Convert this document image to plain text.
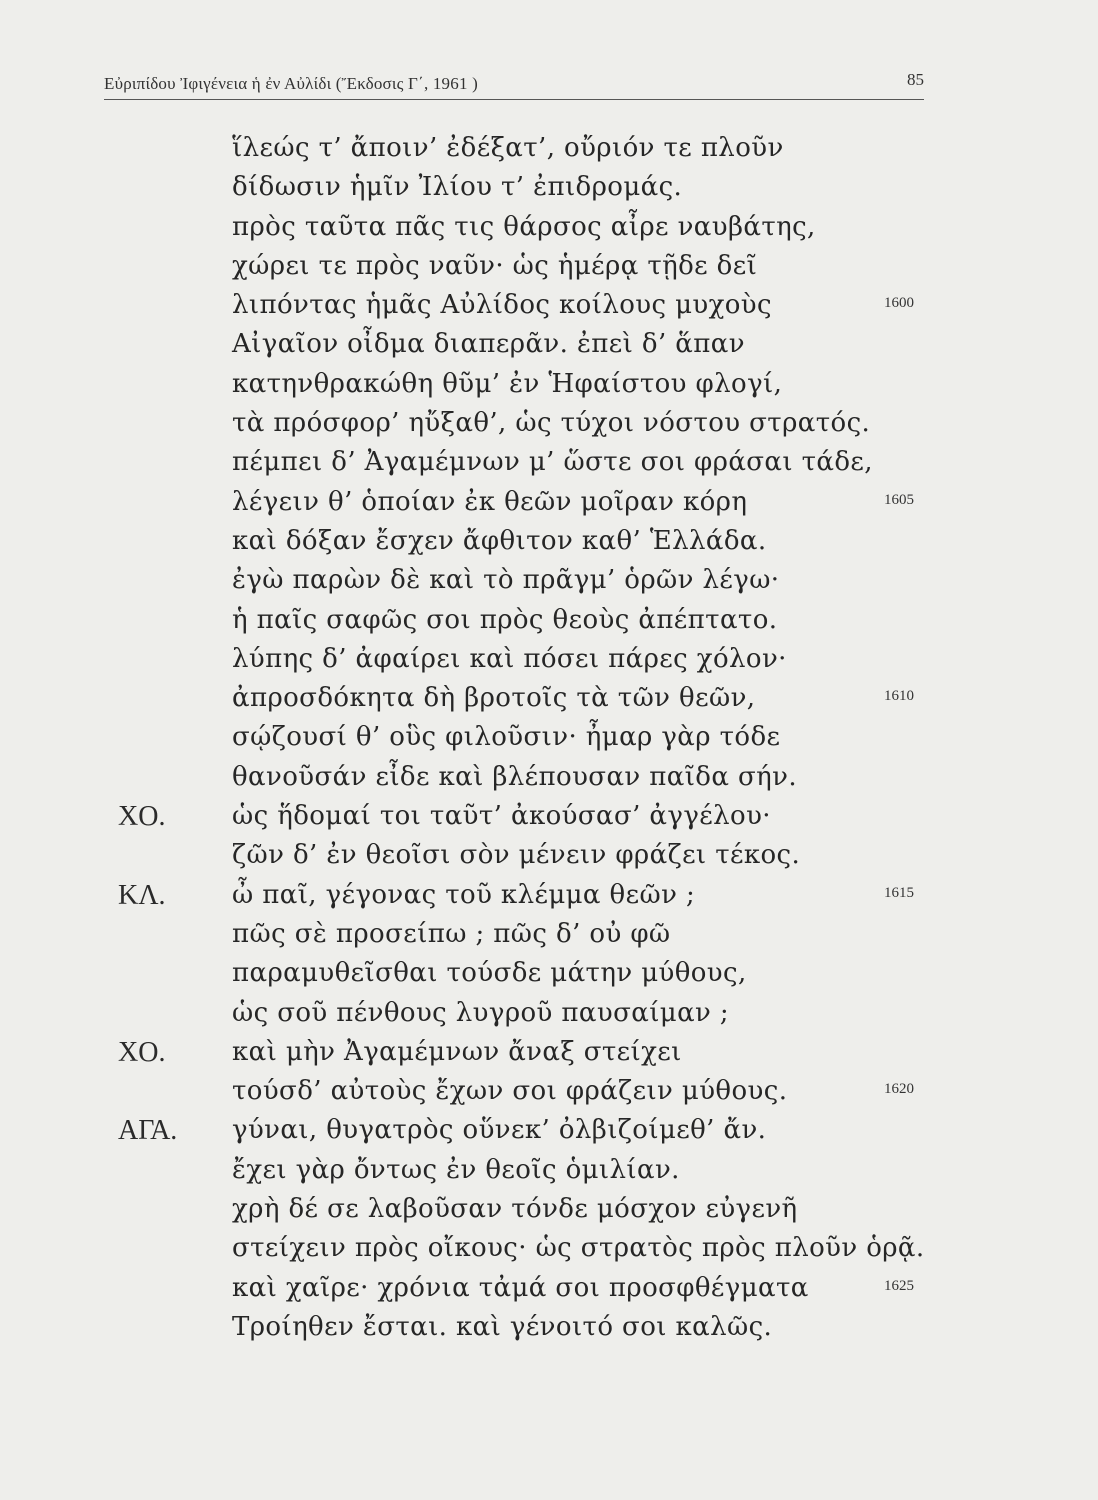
Εὐριπίδου Ἰφιγένεια ἡ ἐν Αὐλίδι (Ἔκδοσις Γ΄, 1961 )	85
ἵλεώς τ’ ἄποιν’ ἐδέξατ’, οὔριόν τε πλοῦν
δίδωσιν ἡμῖν Ἰλίου τ’ ἐπιδρομάς.
πρὸς ταῦτα πᾶς τις θάρσος αἶρε ναυβάτης,
χώρει τε πρὸς ναῦν· ὡς ἡμέρᾳ τῇδε δεῖ
λιπόντας ἡμᾶς Αὐλίδος κοίλους μυχοὺς	1600
Αἰγαῖον οἶδμα διαπερᾶν. ἐπεὶ δ’ ἅπαν
κατηνθρακώθη θῦμ’ ἐν Ἡφαίστου φλογί,
τὰ πρόσφορ’ ηὔξαθ’, ὡς τύχοι νόστου στρατός.
πέμπει δ’ Ἀγαμέμνων μ’ ὥστε σοι φράσαι τάδε,
λέγειν θ’ ὁποίαν ἐκ θεῶν μοῖραν κόρη	1605
καὶ δόξαν ἔσχεν ἄφθιτον καθ’ Ἑλλάδα.
ἐγὼ παρὼν δὲ καὶ τὸ πρᾶγμ’ ὁρῶν λέγω·
ἡ παῖς σαφῶς σοι πρὸς θεοὺς ἀπέπτατο.
λύπης δ’ ἀφαίρει καὶ πόσει πάρες χόλον·
ἀπροσδόκητα δὴ βροτοῖς τὰ τῶν θεῶν,	1610
σῴζουσί θ’ οὓς φιλοῦσιν· ἦμαρ γὰρ τόδε
θανοῦσάν εἶδε καὶ βλέπουσαν παῖδα σήν.
ΧΟ.	ὡς ἥδομαί τοι ταῦτ’ ἀκούσασ’ ἀγγέλου·
ζῶν δ’ ἐν θεοῖσι σὸν μένειν φράζει τέκος.
ΚΛ.	ὦ παῖ, γέγονας τοῦ κλέμμα θεῶν ;	1615
πῶς σὲ προσείπω ; πῶς δ’ οὐ φῶ
παραμυθεῖσθαι τούσδε μάτην μύθους,
ὡς σοῦ πένθους λυγροῦ παυσαίμαν ;
ΧΟ.	καὶ μὴν Ἀγαμέμνων ἄναξ στείχει
τούσδ’ αὐτοὺς ἔχων σοι φράζειν μύθους.	1620
ΑΓΑ. γύναι, θυγατρὸς οὕνεκ’ ὀλβιζοίμεθ’ ἄν.
ἔχει γὰρ ὄντως ἐν θεοῖς ὁμιλίαν.
χρὴ δέ σε λαβοῦσαν τόνδε μόσχον εὐγενῆ
στείχειν πρὸς οἴκους· ὡς στρατὸς πρὸς πλοῦν ὁρᾷ.
καὶ χαῖρε· χρόνια τἀμά σοι προσφθέγματα	1625
Τροίηθεν ἔσται. καὶ γένοιτό σοι καλῶς.
